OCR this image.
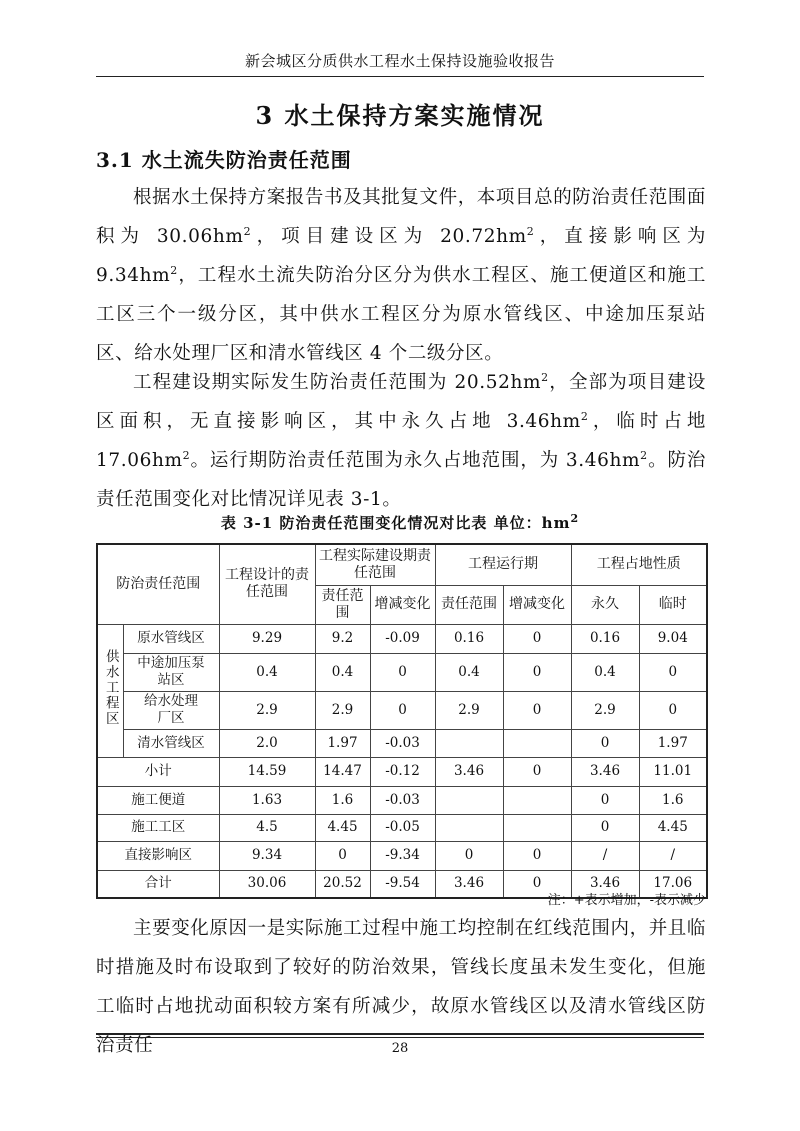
新会城区分质供水工程水土保持设施验收报告
3 水土保持方案实施情况
3.1 水土流失防治责任范围

根据水土保持方案报告书及其批复文件，本项目总的防治责任范围面积为 $30.06hm^2$，项目建设区为 $20.72hm^2$，直接影响区为 $9.34hm^2$，工程水土流失防治分区分为供水工程区、施工便道区和施工工区三个一级分区，其中供水工程区分为原水管线区、中途加压泵站区、给水处理厂区和清水管线区 4 个二级分区。

工程建设期实际发生防治责任范围为 $20.52hm^2$，全部为项目建设区面积，无直接影响区，其中永久占地 $3.46hm^2$，临时占地 $17.06hm^2$。运行期防治责任范围为永久占地范围，为 $3.46hm^2$。防治责任范围变化对比情况详见表 3-1。

表 3-1 防治责任范围变化情况对比表 单位：$hm^2$
防治责任范围		工程设计的责任范围	工程实际建设期责任范围		工程运行期		工程占地性质	
			责任范围	增减变化	责任范围	增减变化	永久	临时
供水工程区	原水管线区	9.29	9.2	-0.09	0.16	0	0.16	9.04
	中途加压泵站区	0.4	0.4	0	0.4	0	0.4	0
	给水处理厂区	2.9	2.9	0	2.9	0	2.9	0
	清水管线区	2.0	1.97	-0.03			0	1.97
小计		14.59	14.47	-0.12	3.46	0	3.46	11.01
施工便道		1.63	1.6	-0.03			0	1.6
施工工区		4.5	4.45	-0.05			0	4.45
直接影响区		9.34	0	-9.34	0	0	/	/
合计		30.06	20.52	-9.54	3.46	0	3.46	17.06
注：+表示增加，-表示减少

主要变化原因一是实际施工过程中施工均控制在红线范围内，并且临时措施及时布设取到了较好的防治效果，管线长度虽未发生变化，但施工临时占地扰动面积较方案有所减少，故原水管线区以及清水管线区防治责任	28
